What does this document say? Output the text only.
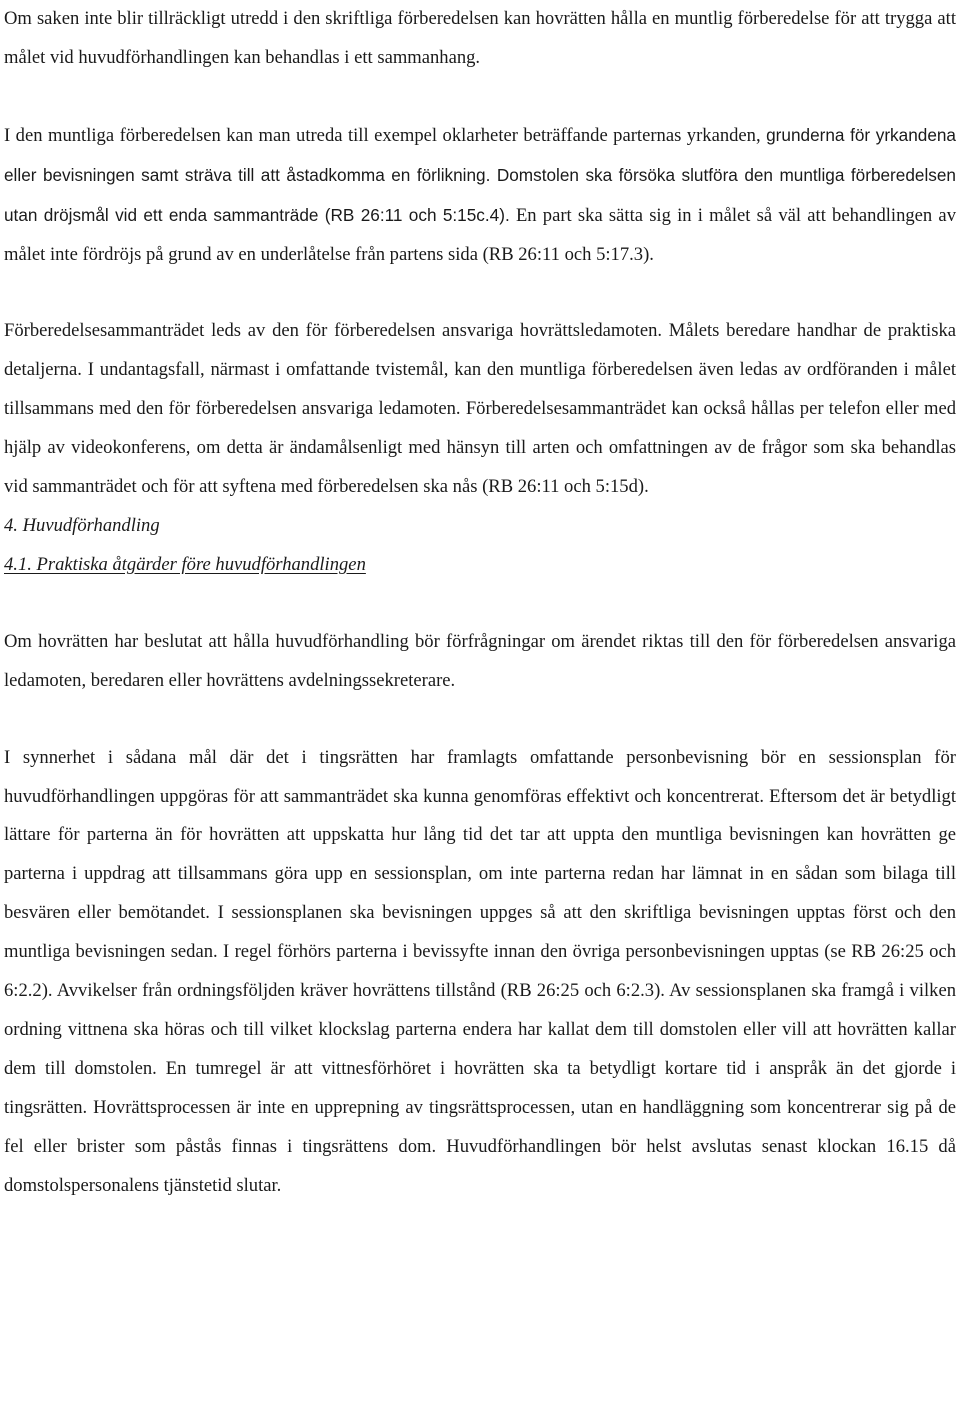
Om saken inte blir tillräckligt utredd i den skriftliga förberedelsen kan hovrätten hålla en muntlig förberedelse för att trygga att målet vid huvudförhandlingen kan behandlas i ett sammanhang.

I den muntliga förberedelsen kan man utreda till exempel oklarheter beträffande parternas yrkanden, grunderna för yrkandena eller bevisningen samt sträva till att åstadkomma en förlikning. Domstolen ska försöka slutföra den muntliga förberedelsen utan dröjsmål vid ett enda sammanträde (RB 26:11 och 5:15c.4). En part ska sätta sig in i målet så väl att behandlingen av målet inte fördröjs på grund av en underlåtelse från partens sida (RB 26:11 och 5:17.3).

Förberedelsesammanträdet leds av den för förberedelsen ansvariga hovrättsledamoten. Målets beredare handhar de praktiska detaljerna. I undantagsfall, närmast i omfattande tvistemål, kan den muntliga förberedelsen även ledas av ordföranden i målet tillsammans med den för förberedelsen ansvariga ledamoten. Förberedelsesammanträdet kan också hållas per telefon eller med hjälp av videokonferens, om detta är ändamålsenligt med hänsyn till arten och omfattningen av de frågor som ska behandlas vid sammanträdet och för att syftena med förberedelsen ska nås (RB 26:11 och 5:15d).

4. Huvudförhandling

4.1. Praktiska åtgärder före huvudförhandlingen

Om hovrätten har beslutat att hålla huvudförhandling bör förfrågningar om ärendet riktas till den för förberedelsen ansvariga ledamoten, beredaren eller hovrättens avdelningssekreterare.

I synnerhet i sådana mål där det i tingsrätten har framlagts omfattande personbevisning bör en sessionsplan för huvudförhandlingen uppgöras för att sammanträdet ska kunna genomföras effektivt och koncentrerat. Eftersom det är betydligt lättare för parterna än för hovrätten att uppskatta hur lång tid det tar att uppta den muntliga bevisningen kan hovrätten ge parterna i uppdrag att tillsammans göra upp en sessionsplan, om inte parterna redan har lämnat in en sådan som bilaga till besvären eller bemötandet. I sessionsplanen ska bevisningen uppges så att den skriftliga bevisningen upptas först och den muntliga bevisningen sedan. I regel förhörs parterna i bevissyfte innan den övriga personbevisningen upptas (se RB 26:25 och 6:2.2). Avvikelser från ordningsföljden kräver hovrättens tillstånd (RB 26:25 och 6:2.3). Av sessionsplanen ska framgå i vilken ordning vittnena ska höras och till vilket klockslag parterna endera har kallat dem till domstolen eller vill att hovrätten kallar dem till domstolen. En tumregel är att vittnesförhöret i hovrätten ska ta betydligt kortare tid i anspråk än det gjorde i tingsrätten. Hovrättsprocessen är inte en upprepning av tingsrättsprocessen, utan en handläggning som koncentrerar sig på de fel eller brister som påstås finnas i tingsrättens dom. Huvudförhandlingen bör helst avslutas senast klockan 16.15 då domstolspersonalens tjänstetid slutar.
